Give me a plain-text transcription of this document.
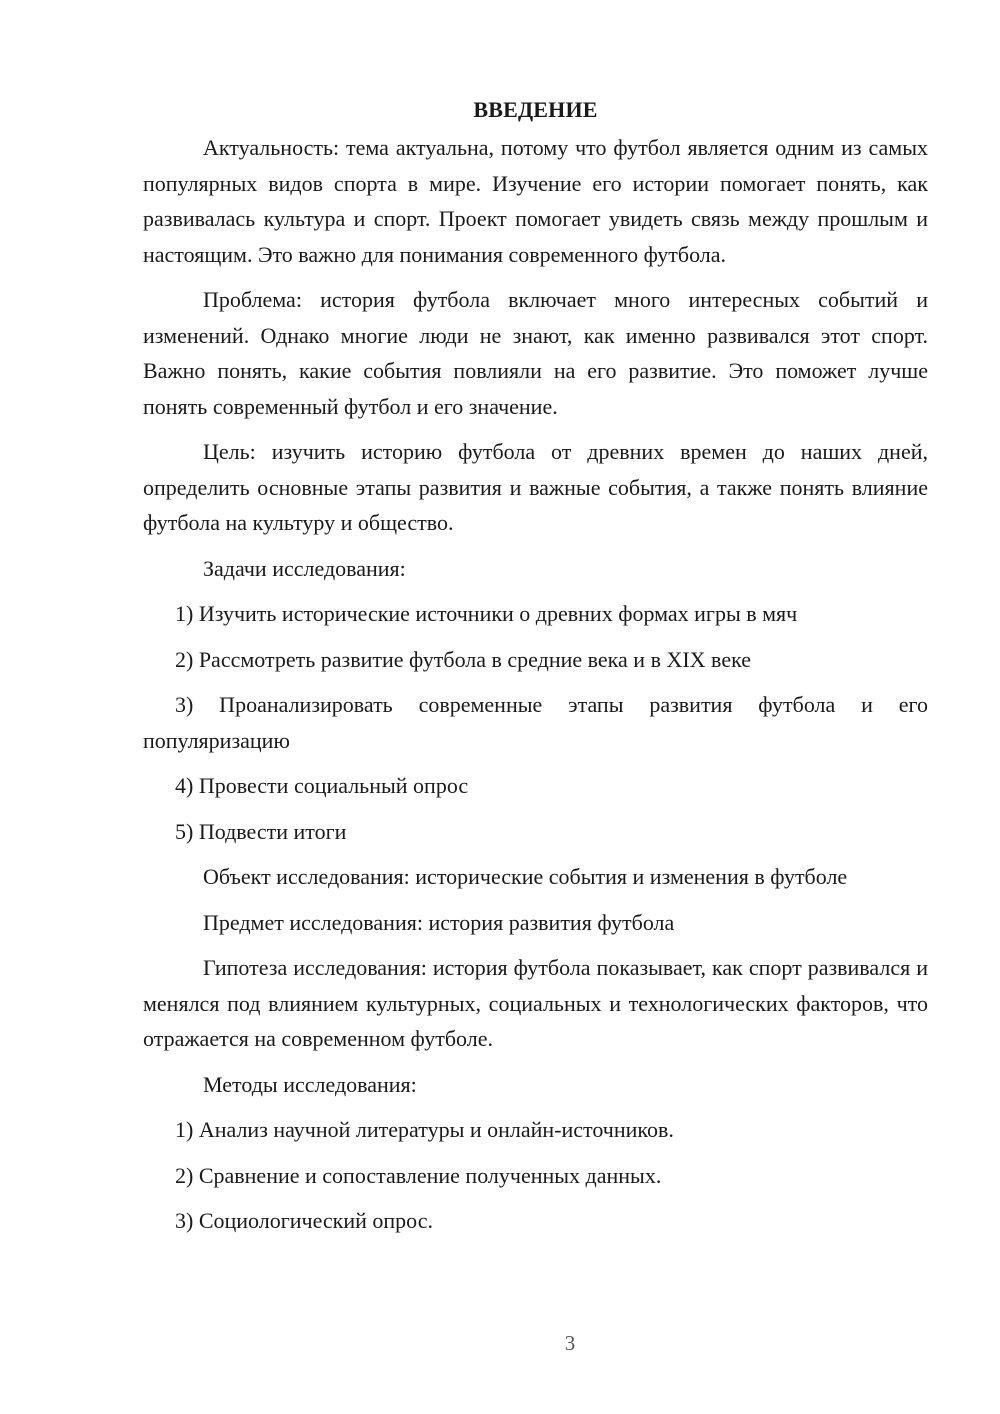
ВВЕДЕНИЕ

Актуальность: тема актуальна, потому что футбол является одним из самых популярных видов спорта в мире. Изучение его истории помогает понять, как развивалась культура и спорт. Проект помогает увидеть связь между прошлым и настоящим. Это важно для понимания современного футбола.

Проблема: история футбола включает много интересных событий и изменений. Однако многие люди не знают, как именно развивался этот спорт. Важно понять, какие события повлияли на его развитие. Это поможет лучше понять современный футбол и его значение.

Цель: изучить историю футбола от древних времен до наших дней, определить основные этапы развития и важные события, а также понять влияние футбола на культуру и общество.

Задачи исследования:

1) Изучить исторические источники о древних формах игры в мяч

2) Рассмотреть развитие футбола в средние века и в XIX веке

3) Проанализировать современные этапы развития футбола и его популяризацию

4) Провести социальный опрос

5) Подвести итоги

Объект исследования: исторические события и изменения в футболе

Предмет исследования: история развития футбола

Гипотеза исследования: история футбола показывает, как спорт развивался и менялся под влиянием культурных, социальных и технологических факторов, что отражается на современном футболе.

Методы исследования:

1) Анализ научной литературы и онлайн-источников.

2) Сравнение и сопоставление полученных данных.

3) Социологический опрос.

3
